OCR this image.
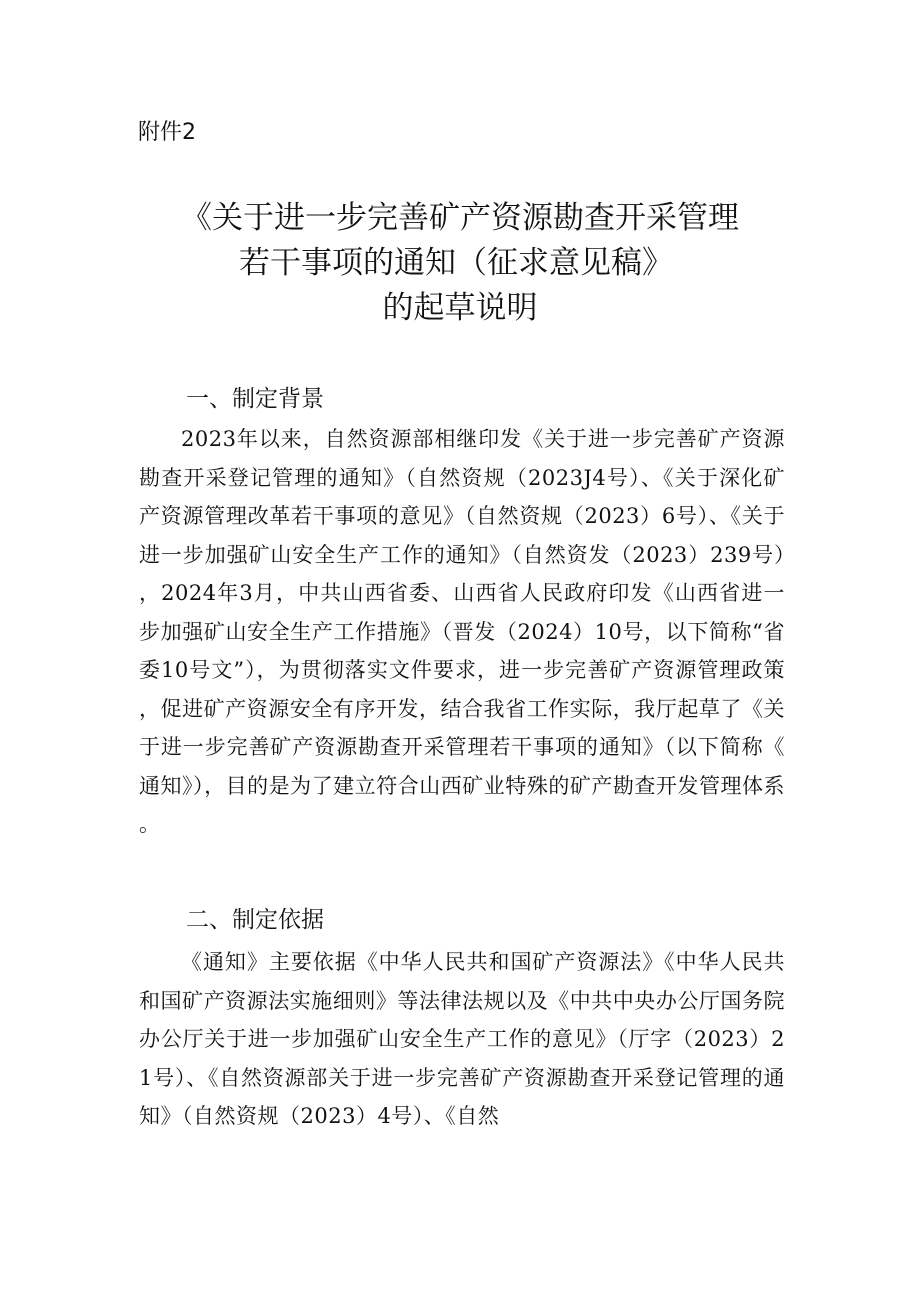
附件2
《关于进一步完善矿产资源勘查开采管理
若干事项的通知（征求意见稿》
的起草说明
一、制定背景

2023年以来，自然资源部相继印发《关于进一步完善矿产资源勘查开采登记管理的通知》（自然资规（2023J4号）、《关于深化矿产资源管理改革若干事项的意见》（自然资规（2023）6号）、《关于进一步加强矿山安全生产工作的通知》（自然资发（2023）239号），2024年3月，中共山西省委、山西省人民政府印发《山西省进一步加强矿山安全生产工作措施》（晋发（2024）10号，以下简称“省委10号文”），为贯彻落实文件要求，进一步完善矿产资源管理政策，促进矿产资源安全有序开发，结合我省工作实际，我厅起草了《关于进一步完善矿产资源勘查开采管理若干事项的通知》（以下简称《通知》），目的是为了建立符合山西矿业特殊的矿产勘查开发管理体系。

二、制定依据

《通知》主要依据《中华人民共和国矿产资源法》《中华人民共和国矿产资源法实施细则》等法律法规以及《中共中央办公厅国务院办公厅关于进一步加强矿山安全生产工作的意见》（厅字（2023）21号）、《自然资源部关于进一步完善矿产资源勘查开采登记管理的通知》（自然资规（2023）4号）、《自然
